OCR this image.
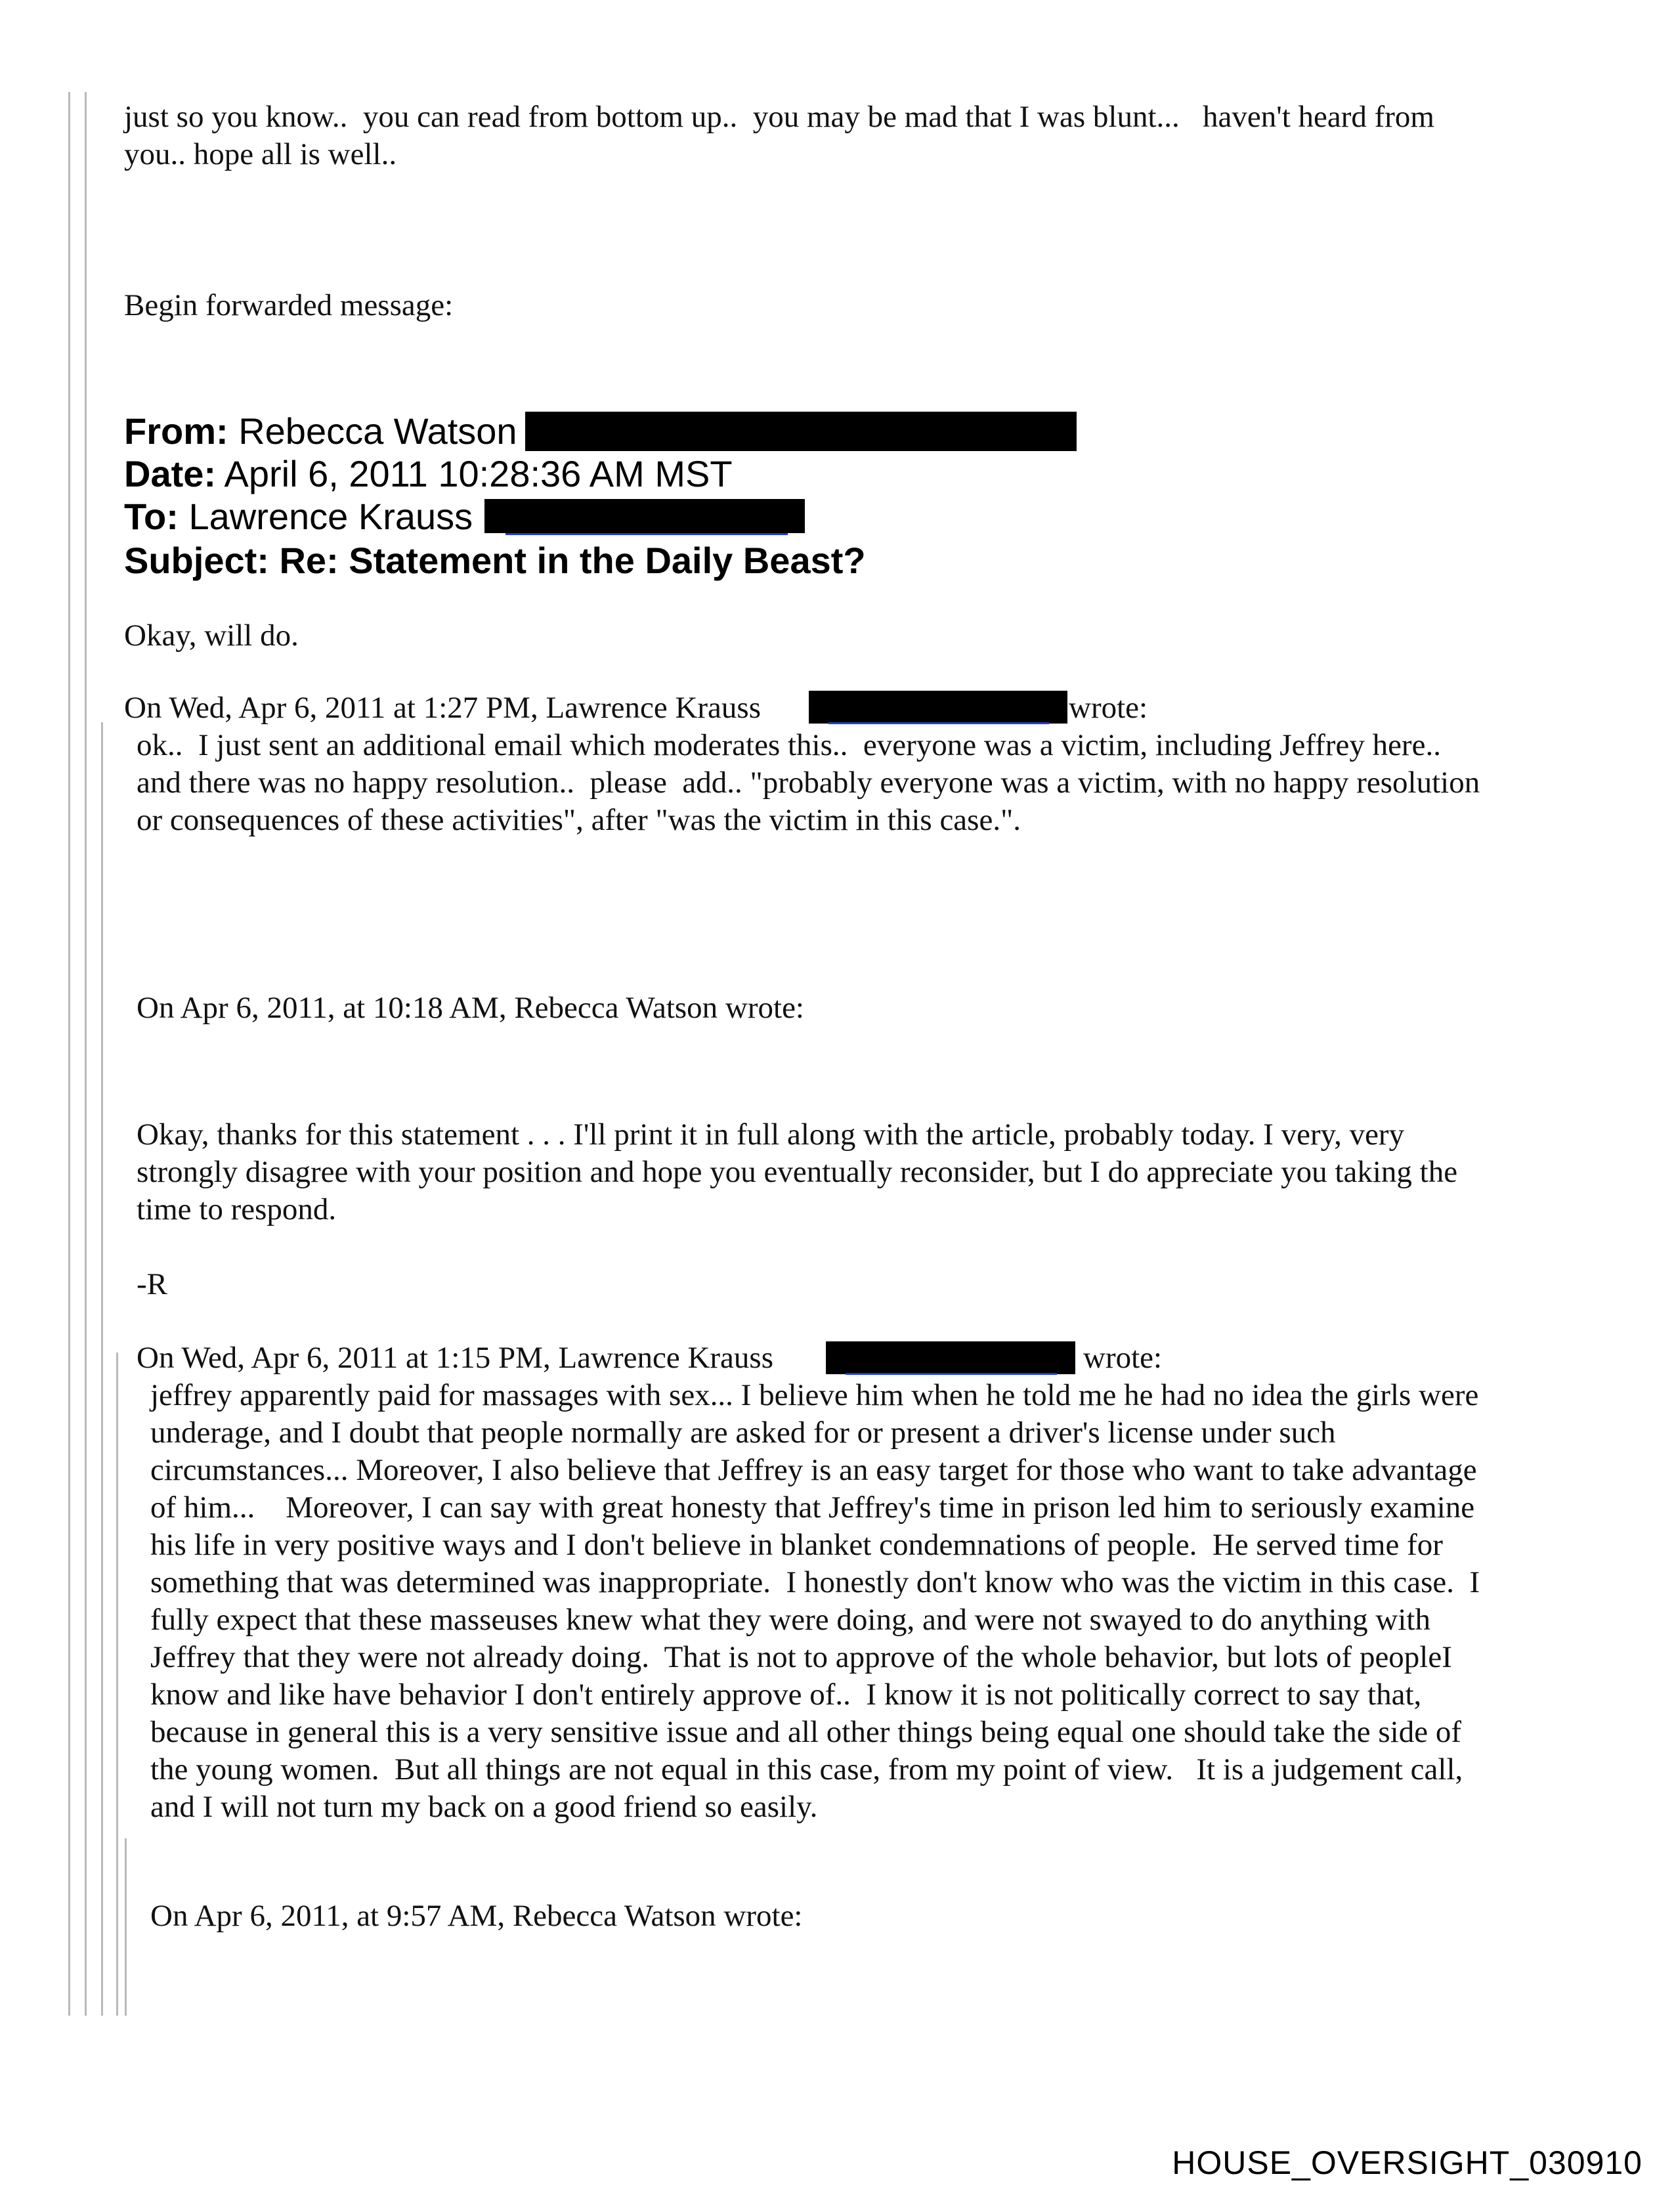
just so you know..  you can read from bottom up..  you may be mad that I was blunt...   haven't heard from
you.. hope all is well..
Begin forwarded message:
From: Rebecca Watson
Date: April 6, 2011 10:28:36 AM MST
To: Lawrence Krauss
Subject: Re: Statement in the Daily Beast?
Okay, will do.
On Wed, Apr 6, 2011 at 1:27 PM, Lawrence Krauss	wrote:
ok..  I just sent an additional email which moderates this..  everyone was a victim, including Jeffrey here..
and there was no happy resolution..  please  add.. "probably everyone was a victim, with no happy resolution
or consequences of these activities", after "was the victim in this case.".
On Apr 6, 2011, at 10:18 AM, Rebecca Watson wrote:
Okay, thanks for this statement . . . I'll print it in full along with the article, probably today. I very, very
strongly disagree with your position and hope you eventually reconsider, but I do appreciate you taking the
time to respond.
-R
On Wed, Apr 6, 2011 at 1:15 PM, Lawrence Krauss	wrote:
jeffrey apparently paid for massages with sex... I believe him when he told me he had no idea the girls were
underage, and I doubt that people normally are asked for or present a driver's license under such
circumstances... Moreover, I also believe that Jeffrey is an easy target for those who want to take advantage
of him...    Moreover, I can say with great honesty that Jeffrey's time in prison led him to seriously examine
his life in very positive ways and I don't believe in blanket condemnations of people.  He served time for
something that was determined was inappropriate.  I honestly don't know who was the victim in this case.  I
fully expect that these masseuses knew what they were doing, and were not swayed to do anything with
Jeffrey that they were not already doing.  That is not to approve of the whole behavior, but lots of peopleI
know and like have behavior I don't entirely approve of..  I know it is not politically correct to say that,
because in general this is a very sensitive issue and all other things being equal one should take the side of
the young women.  But all things are not equal in this case, from my point of view.   It is a judgement call,
and I will not turn my back on a good friend so easily.
On Apr 6, 2011, at 9:57 AM, Rebecca Watson wrote:
HOUSE_OVERSIGHT_030910
